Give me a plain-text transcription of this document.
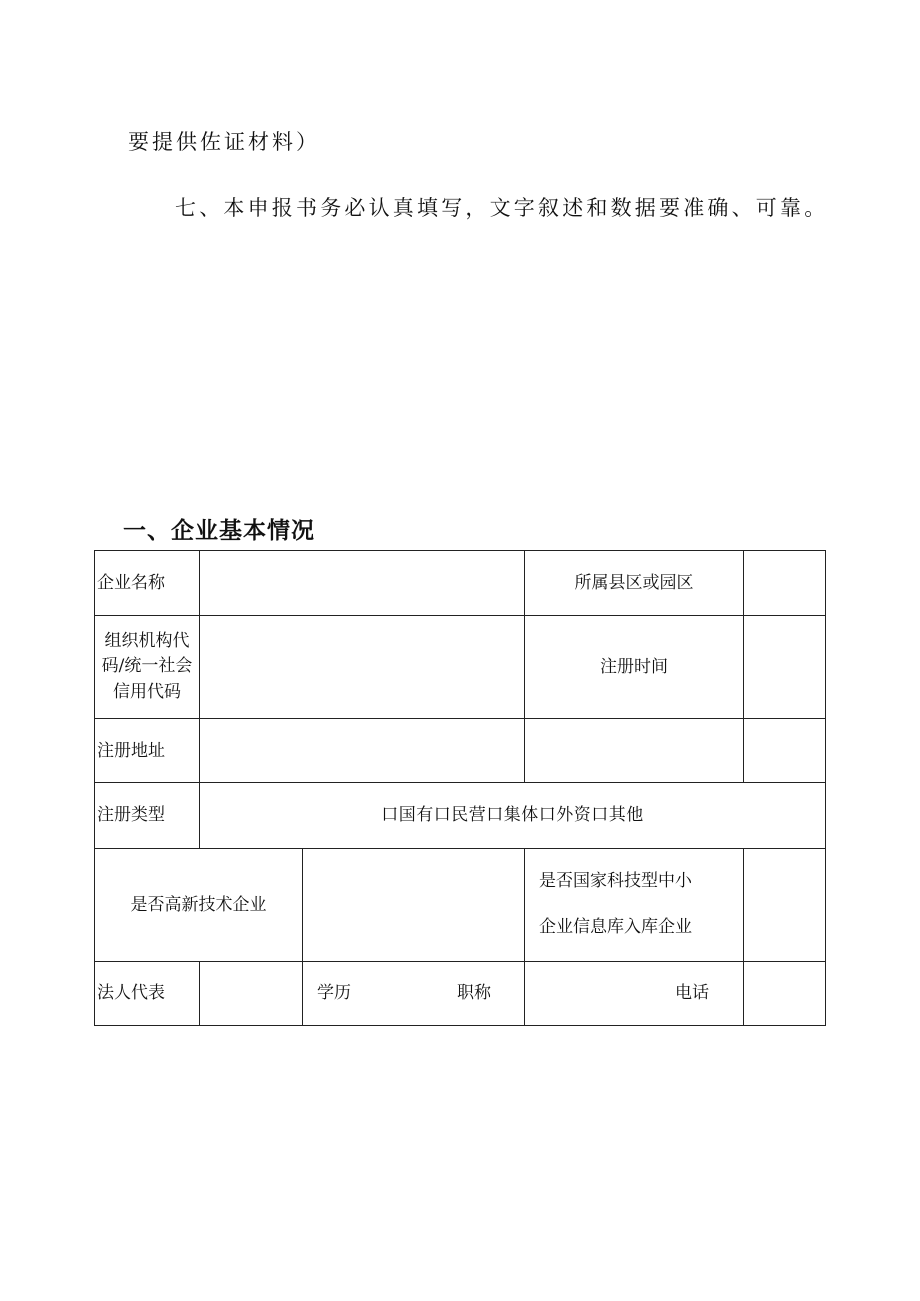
要提供佐证材料）
七、本申报书务必认真填写，文字叙述和数据要准确、可靠。
一、企业基本情况
企业名称			所属县区或园区	
组织机构代码/统一社会信用代码			注册时间	
注册地址				
注册类型	口国有口民营口集体口外资口其他			
是否高新技术企业			是否国家科技型中小
企业信息库入库企业	
法人代表		学历 职称	电话	
